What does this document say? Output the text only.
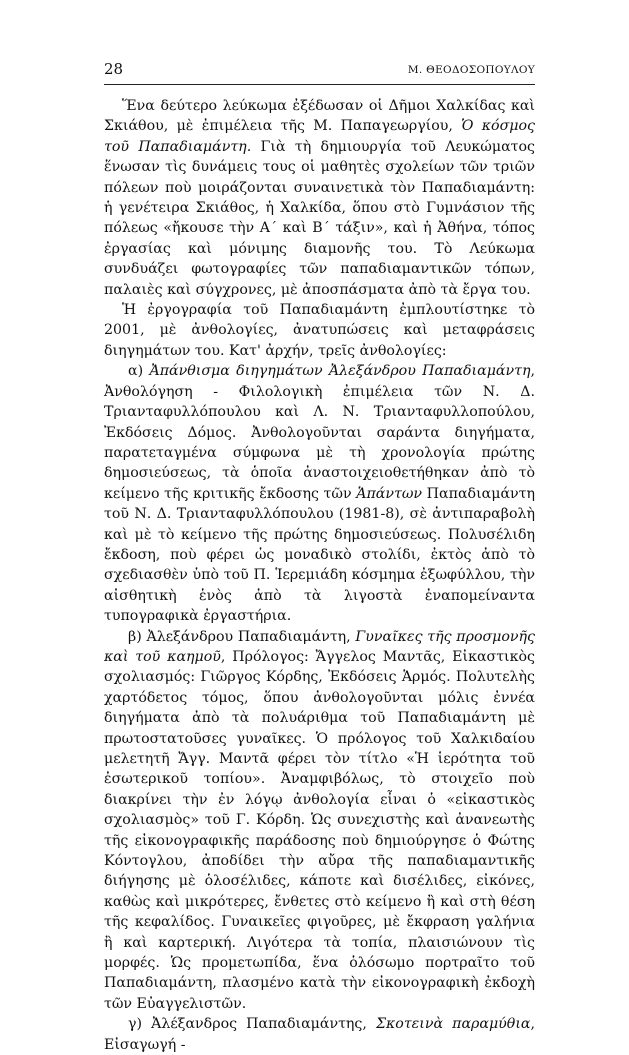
28	Μ. ΘΕΟΔΟΣΟΠΟΥΛΟΥ

Ἕνα δεύτερο λεύκωμα ἐξέδωσαν οἱ Δῆμοι Χαλκίδας καὶ Σκιάθου, μὲ ἐπιμέλεια τῆς Μ. Παπαγεωργίου, Ὁ κόσμος τοῦ Παπαδιαμάντη. Γιὰ τὴ δημιουργία τοῦ Λευκώματος ἕνωσαν τὶς δυνάμεις τους οἱ μαθητὲς σχολείων τῶν τριῶν πόλεων ποὺ μοιράζονται συναινετικὰ τὸν Παπαδιαμάντη: ἡ γενέτειρα Σκιάθος, ἡ Χαλκίδα, ὅπου στὸ Γυμνάσιον τῆς πόλεως «ἤκουσε τὴν Α΄ καὶ Β΄ τάξιν», καὶ ἡ Ἀθήνα, τόπος ἐργασίας καὶ μόνιμης διαμονῆς του. Τὸ Λεύκωμα συνδυάζει φωτογραφίες τῶν παπαδιαμαντικῶν τόπων, παλαιὲς καὶ σύγχρονες, μὲ ἀποσπάσματα ἀπὸ τὰ ἔργα του.

Ἡ ἐργογραφία τοῦ Παπαδιαμάντη ἐμπλουτίστηκε τὸ 2001, μὲ ἀνθολογίες, ἀνατυπώσεις καὶ μεταφράσεις διηγημάτων του. Κατ' ἀρχήν, τρεῖς ἀνθολογίες:

α) Ἀπάνθισμα διηγημάτων Ἀλεξάνδρου Παπαδιαμάντη, Ἀνθολόγηση - Φιλολογικὴ ἐπιμέλεια τῶν Ν. Δ. Τριανταφυλλόπουλου καὶ Λ. Ν. Τριανταφυλλοπούλου, Ἐκδόσεις Δόμος. Ἀνθολογοῦνται σαράντα διηγήματα, παρατεταγμένα σύμφωνα μὲ τὴ χρονολογία πρώτης δημοσιεύσεως, τὰ ὁποῖα ἀναστοιχειοθετήθηκαν ἀπὸ τὸ κείμενο τῆς κριτικῆς ἔκδοσης τῶν Ἁπάντων Παπαδιαμάντη τοῦ Ν. Δ. Τριανταφυλλόπουλου (1981-8), σὲ ἀντιπαραβολὴ καὶ μὲ τὸ κείμενο τῆς πρώτης δημοσιεύσεως. Πολυσέλιδη ἔκδοση, ποὺ φέρει ὡς μοναδικὸ στολίδι, ἐκτὸς ἀπὸ τὸ σχεδιασθὲν ὑπὸ τοῦ Π. Ἱερεμιάδη κόσμημα ἐξωφύλλου, τὴν αἰσθητικὴ ἑνὸς ἀπὸ τὰ λιγοστὰ ἐναπομείναντα τυπογραφικὰ ἐργαστήρια.

β) Ἀλεξάνδρου Παπαδιαμάντη, Γυναῖκες τῆς προσμονῆς καὶ τοῦ καημοῦ, Πρόλογος: Ἄγγελος Μαντᾶς, Εἰκαστικὸς σχολιασμός: Γιῶργος Κόρδης, Ἐκδόσεις Ἁρμός. Πολυτελὴς χαρτόδετος τόμος, ὅπου ἀνθολογοῦνται μόλις ἐννέα διηγήματα ἀπὸ τὰ πολυάριθμα τοῦ Παπαδιαμάντη μὲ πρωτοστατοῦσες γυναῖκες. Ὁ πρόλογος τοῦ Χαλκιδαίου μελετητῆ Ἄγγ. Μαντᾶ φέρει τὸν τίτλο «Ἡ ἱερότητα τοῦ ἐσωτερικοῦ τοπίου». Ἀναμφιβόλως, τὸ στοιχεῖο ποὺ διακρίνει τὴν ἐν λόγῳ ἀνθολογία εἶναι ὁ «εἰκαστικὸς σχολιασμὸς» τοῦ Γ. Κόρδη. Ὡς συνεχιστὴς καὶ ἀνανεωτὴς τῆς εἰκονογραφικῆς παράδοσης ποὺ δημιούργησε ὁ Φώτης Κόντογλου, ἀποδίδει τὴν αὔρα τῆς παπαδιαμαντικῆς διήγησης μὲ ὁλοσέλιδες, κάποτε καὶ δισέλιδες, εἰκόνες, καθὼς καὶ μικρότερες, ἔνθετες στὸ κείμενο ἢ καὶ στὴ θέση τῆς κεφαλίδος. Γυναικεῖες φιγοῦρες, μὲ ἔκφραση γαλήνια ἢ καὶ καρτερική. Λιγότερα τὰ τοπία, πλαισιώνουν τὶς μορφές. Ὡς προμετωπίδα, ἕνα ὁλόσωμο πορτραῖτο τοῦ Παπαδιαμάντη, πλασμένο κατὰ τὴν εἰκονογραφικὴ ἐκδοχὴ τῶν Εὐαγγελιστῶν.

γ) Ἀλέξανδρος Παπαδιαμάντης, Σκοτεινὰ παραμύθια, Εἰσαγωγή -
